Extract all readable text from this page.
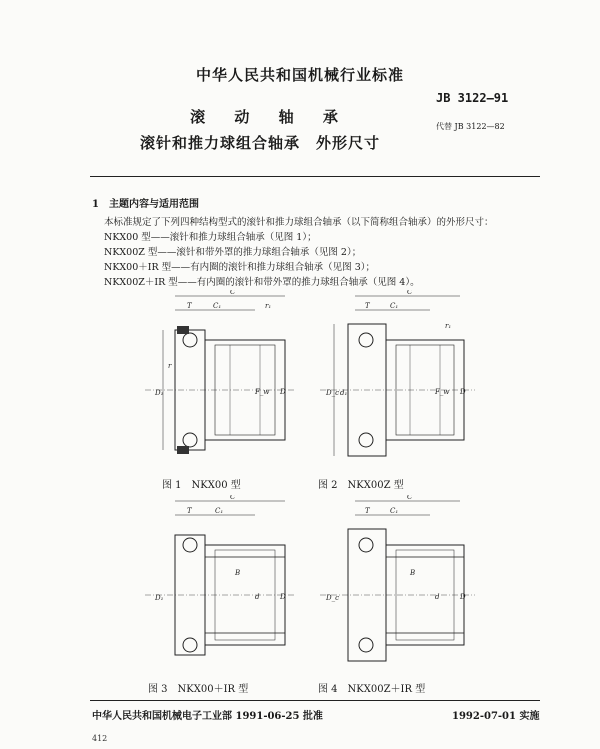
中华人民共和国机械行业标准
JB 3122—91
滚 动 轴 承
代替 JB 3122—82
滚针和推力球组合轴承　外形尺寸
1　主题内容与适用范围
本标准规定了下列四种结构型式的滚针和推力球组合轴承（以下简称组合轴承）的外形尺寸：
NKX00 型——滚针和推力球组合轴承（见图 1）；
NKX00Z 型——滚针和带外罩的推力球组合轴承（见图 2）；
NKX00＋IR 型——有内圈的滚针和推力球组合轴承（见图 3）；
NKX00Z＋IR 型——有内圈的滚针和带外罩的推力球组合轴承（见图 4）。
C
T	C₁	r₁
D₁	F_w D
r
图 1　NKX00 型
C
T	C₁
r₁
D_c d₁	F_w D
图 2　NKX00Z 型
C
T	C₁
D₁
B
d	D
图 3　NKX00＋IR 型
C
T	C₁
D_c
B
d	D
图 4　NKX00Z＋IR 型
中华人民共和国机械电子工业部 1991-06-25 批准	1992-07-01 实施
412
